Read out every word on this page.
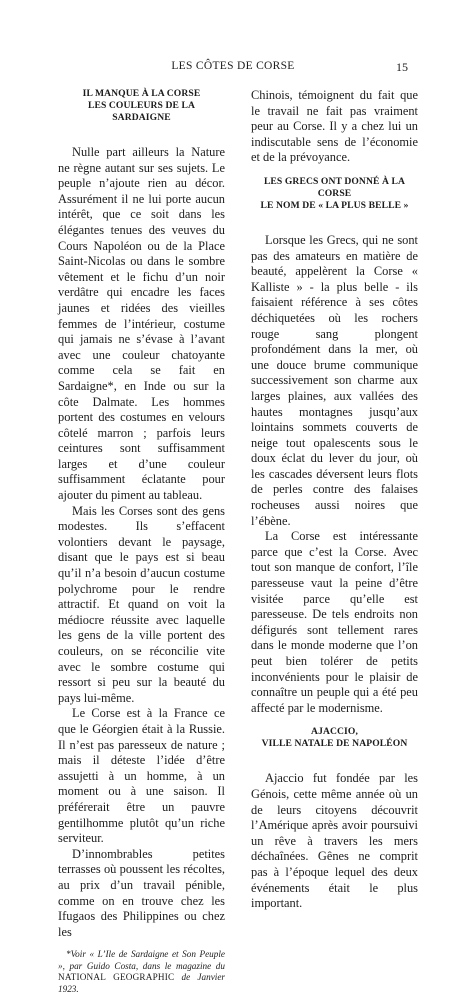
LES CÔTES DE CORSE	15
IL MANQUE À LA CORSE
LES COULEURS DE LA SARDAIGNE

Nulle part ailleurs la Nature ne règne autant sur ses sujets. Le peuple n’ajoute rien au décor. Assurément il ne lui porte aucun intérêt, que ce soit dans les élégantes tenues des veuves du Cours Napoléon ou de la Place Saint-Nicolas ou dans le sombre vêtement et le fichu d’un noir verdâtre qui encadre les faces jaunes et ridées des vieilles femmes de l’intérieur, costume qui jamais ne s’évase à l’avant avec une couleur chatoyante comme cela se fait en Sardaigne*, en Inde ou sur la côte Dalmate. Les hommes portent des costumes en velours côtelé marron ; parfois leurs ceintures sont suffisamment larges et d’une couleur suffisamment éclatante pour ajouter du piment au tableau.

Mais les Corses sont des gens modestes. Ils s’effacent volontiers devant le paysage, disant que le pays est si beau qu’il n’a besoin d’aucun costume polychrome pour le rendre attractif. Et quand on voit la médiocre réussite avec laquelle les gens de la ville portent des couleurs, on se réconcilie vite avec le sombre costume qui ressort si peu sur la beauté du pays lui-même.

Le Corse est à la France ce que le Géorgien était à la Russie. Il n’est pas paresseux de nature ; mais il déteste l’idée d’être assujetti à un homme, à un moment ou à une saison. Il préférerait être un pauvre gentilhomme plutôt qu’un riche serviteur.

D’innombrables petites terrasses où poussent les récoltes, au prix d’un travail pénible, comme on en trouve chez les Ifugaos des Philippines ou chez les

*Voir « L’Ile de Sardaigne et Son Peuple », par Guido Costa, dans le magazine du NATIONAL GEOGRAPHIC de Janvier 1923.

Chinois, témoignent du fait que le travail ne fait pas vraiment peur au Corse. Il y a chez lui un indiscutable sens de l’économie et de la prévoyance.

LES GRECS ONT DONNÉ À LA CORSE
LE NOM DE « LA PLUS BELLE »

Lorsque les Grecs, qui ne sont pas des amateurs en matière de beauté, appelèrent la Corse « Kalliste » - la plus belle - ils faisaient référence à ses côtes déchiquetées où les rochers rouge sang plongent profondément dans la mer, où une douce brume communique successivement son charme aux larges plaines, aux vallées des hautes montagnes jusqu’aux lointains sommets couverts de neige tout opalescents sous le doux éclat du lever du jour, où les cascades déversent leurs flots de perles contre des falaises rocheuses aussi noires que l’ébène.

La Corse est intéressante parce que c’est la Corse. Avec tout son manque de confort, l’île paresseuse vaut la peine d’être visitée parce qu’elle est paresseuse. De tels endroits non défigurés sont tellement rares dans le monde moderne que l’on peut bien tolérer de petits inconvénients pour le plaisir de connaître un peuple qui a été peu affecté par le modernisme.

AJACCIO,
VILLE NATALE DE NAPOLÉON

Ajaccio fut fondée par les Génois, cette même année où un de leurs citoyens découvrit l’Amérique après avoir poursuivi un rêve à travers les mers déchaînées. Gênes ne comprit pas à l’époque lequel des deux événements était le plus important.
